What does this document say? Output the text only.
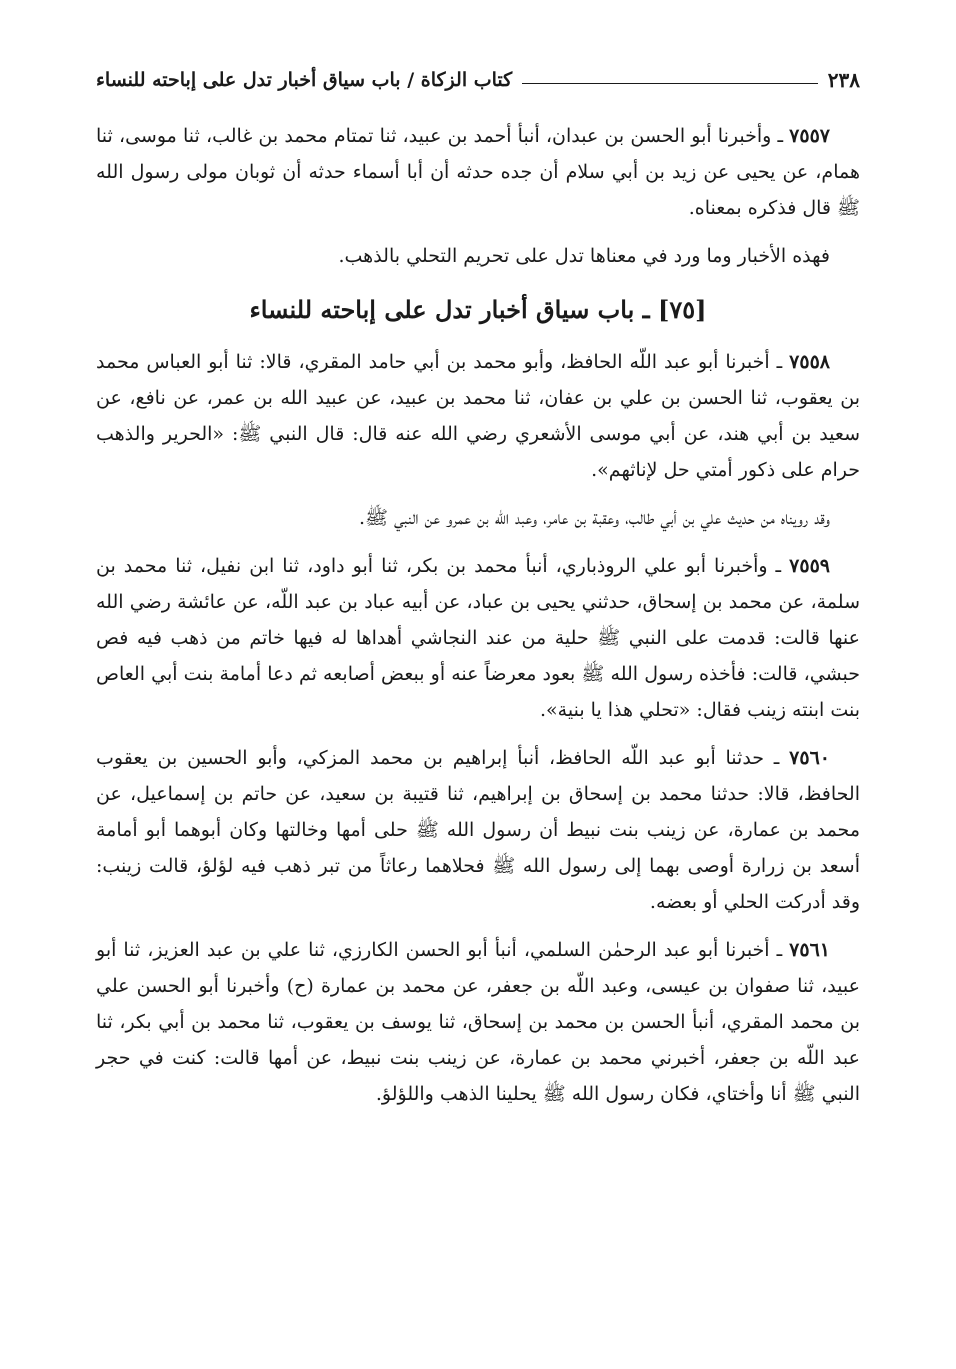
٢٣٨
كتاب الزكاة / باب سياق أخبار تدل على إباحته للنساء

٧٥٥٧ ـ وأخبرنا أبو الحسن بن عبدان، أنبأ أحمد بن عبيد، ثنا تمتام محمد بن غالب، ثنا موسى، ثنا همام، عن يحيى عن زيد بن أبي سلام أن جده حدثه أن أبا أسماء حدثه أن ثوبان مولى رسول الله ﷺ قال فذكره بمعناه.

فهذه الأخبار وما ورد في معناها تدل على تحريم التحلي بالذهب.

[٧٥] ـ باب سياق أخبار تدل على إباحته للنساء

٧٥٥٨ ـ أخبرنا أبو عبد اللّه الحافظ، وأبو محمد بن أبي حامد المقري، قالا: ثنا أبو العباس محمد بن يعقوب، ثنا الحسن بن علي بن عفان، ثنا محمد بن عبيد، عن عبيد الله بن عمر، عن نافع، عن سعيد بن أبي هند، عن أبي موسى الأشعري رضي الله عنه قال: قال النبي ﷺ: «الحرير والذهب حرام على ذكور أمتي حل لإناثهم».

وقد رويناه من حديث علي بن أبي طالب، وعقبة بن عامر، وعبد اللّه بن عمرو عن النبي ﷺ.

٧٥٥٩ ـ وأخبرنا أبو علي الروذباري، أنبأ محمد بن بكر، ثنا أبو داود، ثنا ابن نفيل، ثنا محمد بن سلمة، عن محمد بن إسحاق، حدثني يحيى بن عباد، عن أبيه عباد بن عبد اللّه، عن عائشة رضي الله عنها قالت: قدمت على النبي ﷺ حلية من عند النجاشي أهداها له فيها خاتم من ذهب فيه فص حبشي، قالت: فأخذه رسول الله ﷺ بعود معرضاً عنه أو ببعض أصابعه ثم دعا أمامة بنت أبي العاص بنت ابنته زينب فقال: «تحلي هذا يا بنية».

٧٥٦٠ ـ حدثنا أبو عبد اللّه الحافظ، أنبأ إبراهيم بن محمد المزكي، وأبو الحسين بن يعقوب الحافظ، قالا: حدثنا محمد بن إسحاق بن إبراهيم، ثنا قتيبة بن سعيد، عن حاتم بن إسماعيل، عن محمد بن عمارة، عن زينب بنت نبيط أن رسول الله ﷺ حلى أمها وخالتها وكان أبوهما أبو أمامة أسعد بن زرارة أوصى بهما إلى رسول الله ﷺ فحلاهما رعاثاً من تبر ذهب فيه لؤلؤ، قالت زينب: وقد أدركت الحلي أو بعضه.

٧٥٦١ ـ أخبرنا أبو عبد الرحمٰن السلمي، أنبأ أبو الحسن الكارزي، ثنا علي بن عبد العزيز، ثنا أبو عبيد، ثنا صفوان بن عيسى، وعبد اللّه بن جعفر، عن محمد بن عمارة (ح) وأخبرنا أبو الحسن علي بن محمد المقري، أنبأ الحسن بن محمد بن إسحاق، ثنا يوسف بن يعقوب، ثنا محمد بن أبي بكر، ثنا عبد اللّه بن جعفر، أخبرني محمد بن عمارة، عن زينب بنت نبيط، عن أمها قالت: كنت في حجر النبي ﷺ أنا وأختاي، فكان رسول الله ﷺ يحلينا الذهب واللؤلؤ.
